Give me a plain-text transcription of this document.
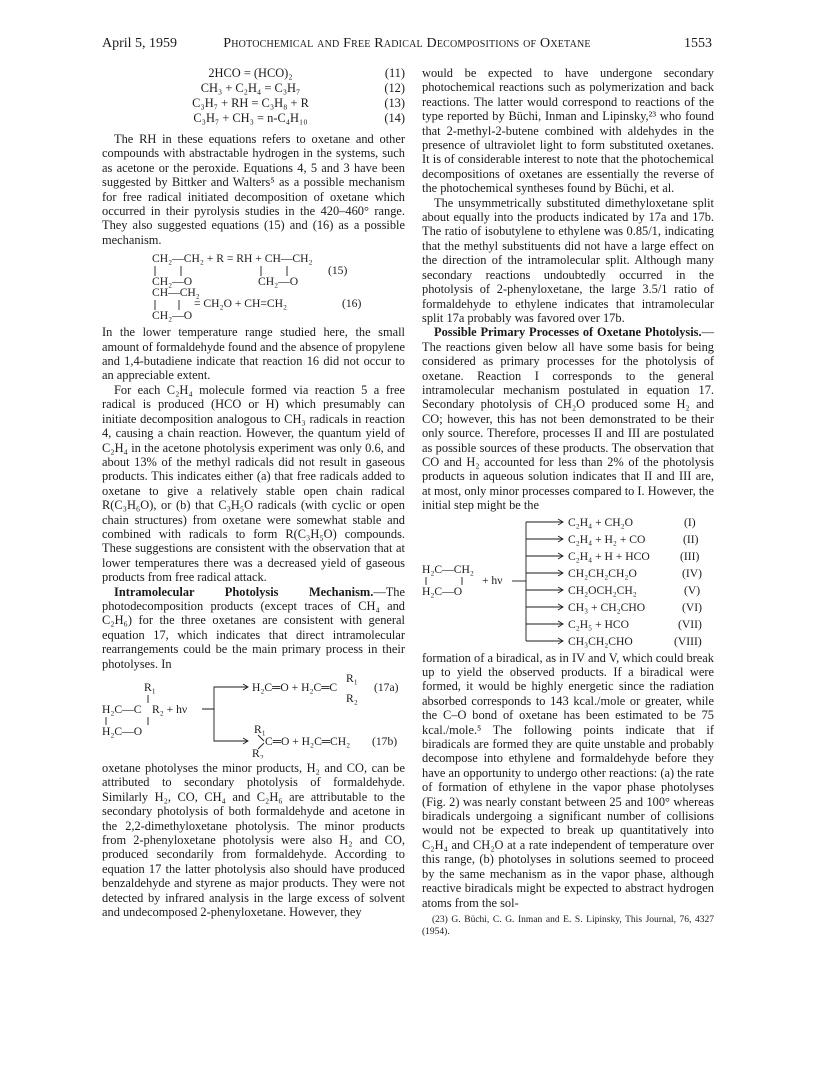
April 5, 1959	Photochemical and Free Radical Decompositions of Oxetane	1553
2HCO = (HCO)₂	(11)
CH₃ + C₂H₄ = C₃H₇	(12)
C₃H₇ + RH = C₃H₈ + R	(13)
C₃H₇ + CH₃ = n-C₄H₁₀	(14)

The RH in these equations refers to oxetane and other compounds with abstractable hydrogen in the systems, such as acetone or the peroxide. Equations 4, 5 and 3 have been suggested by Bittker and Walters⁵ as a possible mechanism for free radical initiated decomposition of oxetane which occurred in their pyrolysis studies in the 420–460° range. They also suggested equations (15) and (16) as a possible mechanism.

CH₂—CH₂ + R = RH + CH—CH₂
CH₂—O	CH₂—O
(15)
CH—CH₂
= CH₂O + CH=CH₂
CH₂—O
(16)

In the lower temperature range studied here, the small amount of formaldehyde found and the absence of propylene and 1,4-butadiene indicate that reaction 16 did not occur to an appreciable extent.

For each C₂H₄ molecule formed via reaction 5 a free radical is produced (HCO or H) which presumably can initiate decomposition analogous to CH₃ radicals in reaction 4, causing a chain reaction. However, the quantum yield of C₂H₄ in the acetone photolysis experiment was only 0.6, and about 13% of the methyl radicals did not result in gaseous products. This indicates either (a) that free radicals added to oxetane to give a relatively stable open chain radical R(C₃H₆O), or (b) that C₃H₅O radicals (with cyclic or open chain structures) from oxetane were somewhat stable and combined with radicals to form R(C₃H₅O) compounds. These suggestions are consistent with the observation that at lower temperatures there was a decreased yield of gaseous products from free radical attack.

Intramolecular Photolysis Mechanism.—The photodecomposition products (except traces of CH₄ and C₂H₆) for the three oxetanes are consistent with general equation 17, which indicates that direct intramolecular rearrangements could be the main primary process in their photolyses. In

R₁
H₂C—C R₂ + hν
H₂C—O
H₂C═O + H₂C═C
R₁
R₂
(17a)
R₁
C═O + H₂C═CH₂
R₂
(17b)

oxetane photolyses the minor products, H₂ and CO, can be attributed to secondary photolysis of formaldehyde. Similarly H₂, CO, CH₄ and C₂H₆ are attributable to the secondary photolysis of both formaldehyde and acetone in the 2,2-dimethyloxetane photolysis. The minor products from 2-phenyloxetane photolysis were also H₂ and CO, produced secondarily from formaldehyde. According to equation 17 the latter photolysis also should have produced benzaldehyde and styrene as major products. They were not detected by infrared analysis in the large excess of solvent and undecomposed 2-phenyloxetane. However, they

would be expected to have undergone secondary photochemical reactions such as polymerization and back reactions. The latter would correspond to reactions of the type reported by Büchi, Inman and Lipinsky,²³ who found that 2-methyl-2-butene combined with aldehydes in the presence of ultraviolet light to form substituted oxetanes. It is of considerable interest to note that the photochemical decompositions of oxetanes are essentially the reverse of the photochemical syntheses found by Büchi, et al.

The unsymmetrically substituted dimethyloxetane split about equally into the products indicated by 17a and 17b. The ratio of isobutylene to ethylene was 0.85/1, indicating that the methyl substituents did not have a large effect on the direction of the intramolecular split. Although many secondary reactions undoubtedly occurred in the photolysis of 2-phenyloxetane, the large 3.5/1 ratio of formaldehyde to ethylene indicates that intramolecular split 17a probably was favored over 17b.

Possible Primary Processes of Oxetane Photolysis.—The reactions given below all have some basis for being considered as primary processes for the photolysis of oxetane. Reaction I corresponds to the general intramolecular mechanism postulated in equation 17. Secondary photolysis of CH₂O produced some H₂ and CO; however, this has not been demonstrated to be their only source. Therefore, processes II and III are postulated as possible sources of these products. The observation that CO and H₂ accounted for less than 2% of the photolysis products in aqueous solution indicates that II and III are, at most, only minor processes compared to I. However, the initial step might be the

H₂C—CH₂
H₂C—O
+ hν
C₂H₄ + CH₂O	(I)
C₂H₄ + H₂ + CO	(II)
C₂H₄ + H + HCO	(III)
CH₂CH₂CH₂O	(IV)
CH₂OCH₂CH₂	(V)
CH₃ + CH₂CHO	(VI)
C₂H₅ + HCO	(VII)
CH₃CH₂CHO	(VIII)

formation of a biradical, as in IV and V, which could break up to yield the observed products. If a biradical were formed, it would be highly energetic since the radiation absorbed corresponds to 143 kcal./mole or greater, while the C–O bond of oxetane has been estimated to be 75 kcal./mole.⁵ The following points indicate that if biradicals are formed they are quite unstable and probably decompose into ethylene and formaldehyde before they have an opportunity to undergo other reactions: (a) the rate of formation of ethylene in the vapor phase photolyses (Fig. 2) was nearly constant between 25 and 100° whereas biradicals undergoing a significant number of collisions would not be expected to break up quantitatively into C₂H₄ and CH₂O at a rate independent of temperature over this range, (b) photolyses in solutions seemed to proceed by the same mechanism as in the vapor phase, although reactive biradicals might be expected to abstract hydrogen atoms from the sol-

(23) G. Büchi, C. G. Inman and E. S. Lipinsky, This Journal, 76, 4327 (1954).
